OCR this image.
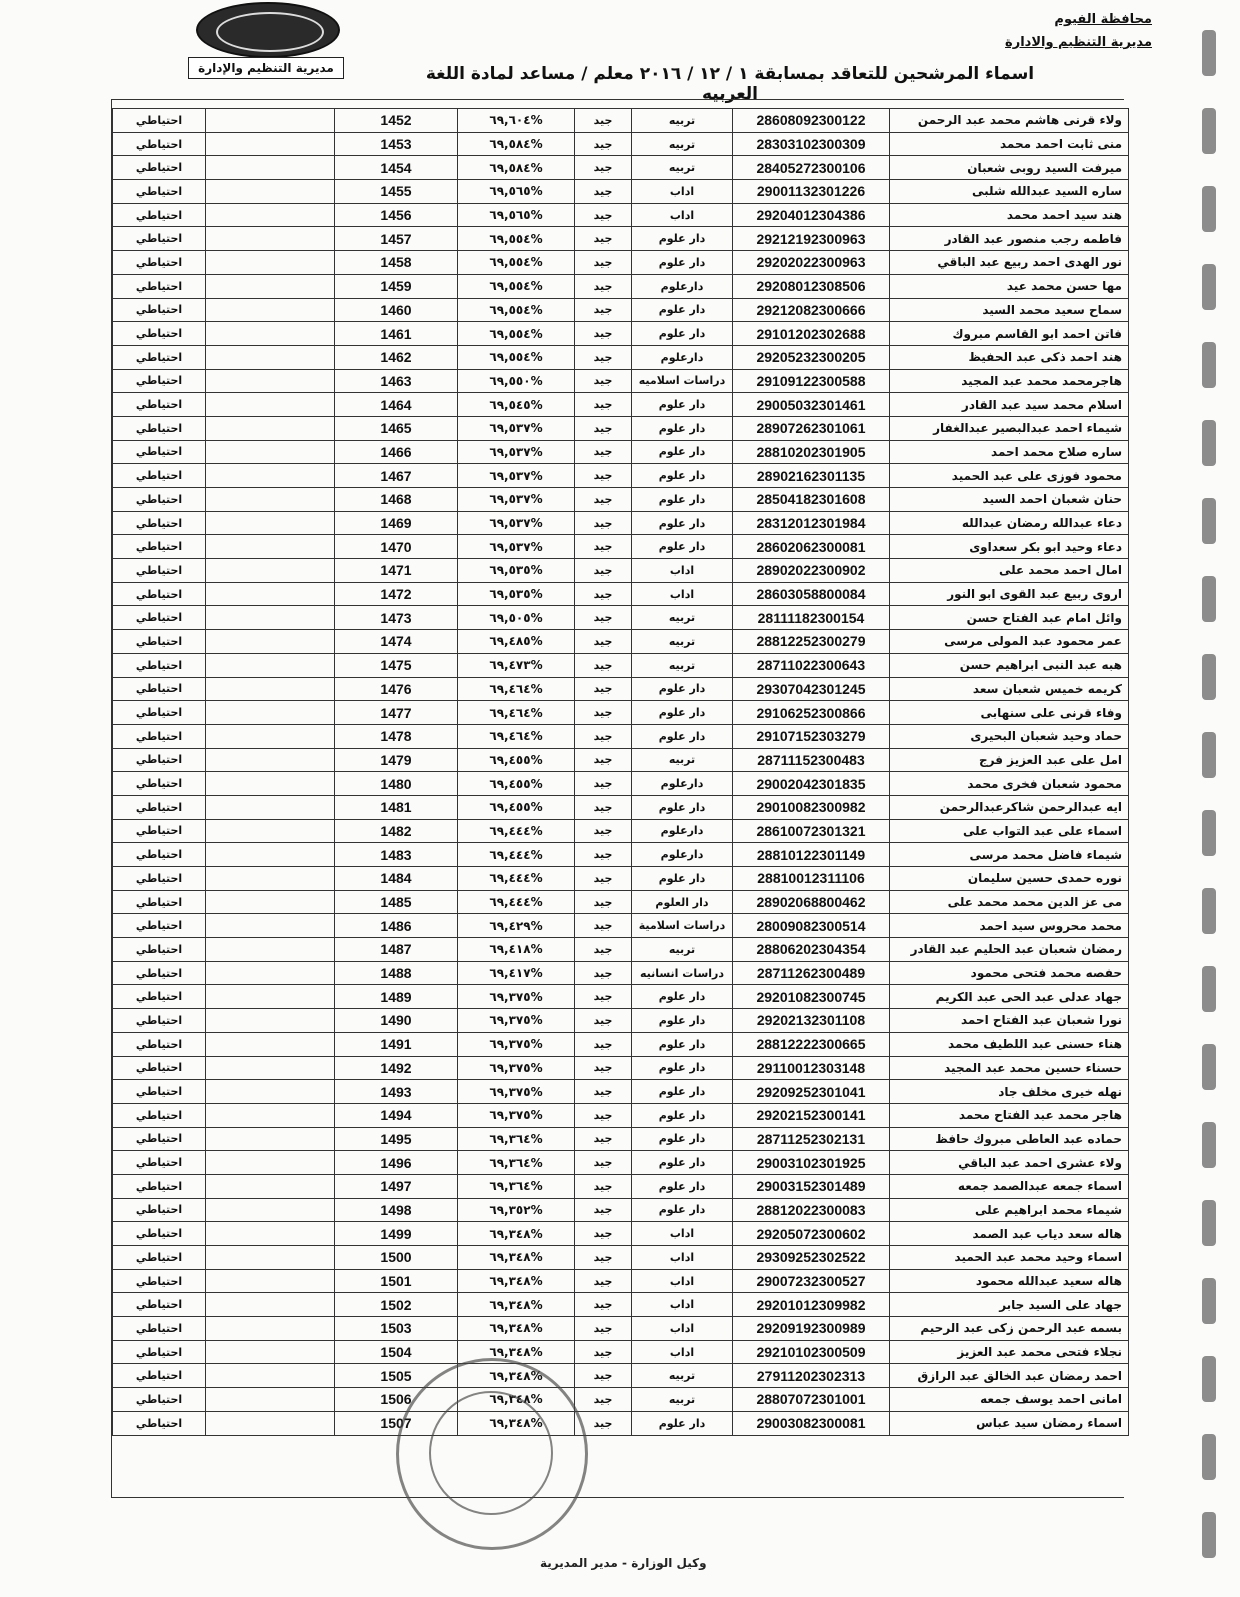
مديرية التنظيم والإدارة
محافظة الفيوم
مديرية التنظيم والادارة
اسماء المرشحين للتعاقد بمسابقة ١ / ١٢ / ٢٠١٦ معلم / مساعد لمادة اللغة العربيه
ولاء قرنى هاشم محمد عبد الرحمن	28608092300122	تربيه	جيد	%٦٩,٦٠٤	1452		احتياطي
منى ثابت احمد محمد	28303102300309	تربيه	جيد	%٦٩,٥٨٤	1453		احتياطي
ميرفت السيد روبى شعبان	28405272300106	تربيه	جيد	%٦٩,٥٨٤	1454		احتياطي
ساره السيد عبدالله شلبى	29001132301226	اداب	جيد	%٦٩,٥٦٥	1455		احتياطي
هند سيد احمد محمد	29204012304386	اداب	جيد	%٦٩,٥٦٥	1456		احتياطي
فاطمه رجب منصور عبد القادر	29212192300963	دار علوم	جيد	%٦٩,٥٥٤	1457		احتياطي
نور الهدى احمد ربيع عبد الباقي	29202022300963	دار علوم	جيد	%٦٩,٥٥٤	1458		احتياطي
مها حسن محمد عيد	29208012308506	دارعلوم	جيد	%٦٩,٥٥٤	1459		احتياطي
سماح سعيد محمد السيد	29212082300666	دار علوم	جيد	%٦٩,٥٥٤	1460		احتياطي
فاتن احمد ابو القاسم مبروك	29101202302688	دار علوم	جيد	%٦٩,٥٥٤	1461		احتياطي
هند احمد ذكى عبد الحفيظ	29205232300205	دارعلوم	جيد	%٦٩,٥٥٤	1462		احتياطي
هاجرمحمد محمد عبد المجيد	29109122300588	دراسات اسلاميه	جيد	%٦٩,٥٥٠	1463		احتياطي
اسلام محمد سيد عبد القادر	29005032301461	دار علوم	جيد	%٦٩,٥٤٥	1464		احتياطي
شيماء احمد عبدالبصير عبدالغفار	28907262301061	دار علوم	جيد	%٦٩,٥٣٧	1465		احتياطي
ساره صلاح محمد احمد	28810202301905	دار علوم	جيد	%٦٩,٥٣٧	1466		احتياطي
محمود فوزى على عبد الحميد	28902162301135	دار علوم	جيد	%٦٩,٥٣٧	1467		احتياطي
حنان شعبان احمد السيد	28504182301608	دار علوم	جيد	%٦٩,٥٣٧	1468		احتياطي
دعاء عبدالله رمضان عبدالله	28312012301984	دار علوم	جيد	%٦٩,٥٣٧	1469		احتياطي
دعاء وحيد ابو بكر سعداوى	28602062300081	دار علوم	جيد	%٦٩,٥٣٧	1470		احتياطي
امال احمد محمد على	28902022300902	اداب	جيد	%٦٩,٥٣٥	1471		احتياطي
اروى ربيع عبد القوى ابو النور	28603058800084	اداب	جيد	%٦٩,٥٣٥	1472		احتياطي
وائل امام عبد الفتاح حسن	28111182300154	تربيه	جيد	%٦٩,٥٠٥	1473		احتياطي
عمر محمود عبد المولى مرسى	28812252300279	تربيه	جيد	%٦٩,٤٨٥	1474		احتياطي
هبه عبد النبى ابراهيم حسن	28711022300643	تربيه	جيد	%٦٩,٤٧٣	1475		احتياطي
كريمه خميس شعبان سعد	29307042301245	دار علوم	جيد	%٦٩,٤٦٤	1476		احتياطي
وفاء قرنى على سنهابى	29106252300866	دار علوم	جيد	%٦٩,٤٦٤	1477		احتياطي
حماد وحيد شعبان البحيرى	29107152303279	دار علوم	جيد	%٦٩,٤٦٤	1478		احتياطي
امل على عبد العزيز فرج	28711152300483	تربيه	جيد	%٦٩,٤٥٥	1479		احتياطي
محمود شعبان فخرى محمد	29002042301835	دارعلوم	جيد	%٦٩,٤٥٥	1480		احتياطي
ايه عبدالرحمن شاكرعبدالرحمن	29010082300982	دار علوم	جيد	%٦٩,٤٥٥	1481		احتياطي
اسماء على عبد التواب على	28610072301321	دارعلوم	جيد	%٦٩,٤٤٤	1482		احتياطي
شيماء فاضل محمد مرسى	28810122301149	دارعلوم	جيد	%٦٩,٤٤٤	1483		احتياطي
نوره حمدى حسين سليمان	28810012311106	دار علوم	جيد	%٦٩,٤٤٤	1484		احتياطي
مى عز الدين محمد محمد على	28902068800462	دار العلوم	جيد	%٦٩,٤٤٤	1485		احتياطي
محمد محروس سيد احمد	28009082300514	دراسات اسلامية	جيد	%٦٩,٤٢٩	1486		احتياطي
رمضان شعبان عبد الحليم عبد القادر	28806202304354	تربيه	جيد	%٦٩,٤١٨	1487		احتياطي
حفصه محمد فتحى محمود	28711262300489	دراسات انسانيه	جيد	%٦٩,٤١٧	1488		احتياطي
جهاد عدلى عبد الحى عبد الكريم	29201082300745	دار علوم	جيد	%٦٩,٣٧٥	1489		احتياطي
نورا شعبان عبد الفتاح احمد	29202132301108	دار علوم	جيد	%٦٩,٣٧٥	1490		احتياطي
هناء حسنى عبد اللطيف محمد	28812222300665	دار علوم	جيد	%٦٩,٣٧٥	1491		احتياطي
حسناء حسين محمد عبد المجيد	29110012303148	دار علوم	جيد	%٦٩,٣٧٥	1492		احتياطي
نهله خيرى مخلف جاد	29209252301041	دار علوم	جيد	%٦٩,٣٧٥	1493		احتياطي
هاجر محمد عبد الفتاح محمد	29202152300141	دار علوم	جيد	%٦٩,٣٧٥	1494		احتياطي
حماده عبد العاطى مبروك حافظ	28711252302131	دار علوم	جيد	%٦٩,٣٦٤	1495		احتياطي
ولاء عشرى احمد عبد الباقي	29003102301925	دار علوم	جيد	%٦٩,٣٦٤	1496		احتياطي
اسماء جمعه عبدالصمد جمعه	29003152301489	دار علوم	جيد	%٦٩,٣٦٤	1497		احتياطي
شيماء محمد ابراهيم على	28812022300083	دار علوم	جيد	%٦٩,٣٥٢	1498		احتياطي
هاله سعد دياب عبد الصمد	29205072300602	اداب	جيد	%٦٩,٣٤٨	1499		احتياطي
اسماء وحيد محمد عبد الحميد	29309252302522	اداب	جيد	%٦٩,٣٤٨	1500		احتياطي
هاله سعيد عبدالله محمود	29007232300527	اداب	جيد	%٦٩,٣٤٨	1501		احتياطي
جهاد على السيد جابر	29201012309982	اداب	جيد	%٦٩,٣٤٨	1502		احتياطي
بسمه عبد الرحمن زكى عبد الرحيم	29209192300989	اداب	جيد	%٦٩,٣٤٨	1503		احتياطي
نجلاء فتحى محمد عبد العزيز	29210102300509	اداب	جيد	%٦٩,٣٤٨	1504		احتياطي
احمد رمضان عبد الخالق عبد الرازق	27911202302313	تربيه	جيد	%٦٩,٣٤٨	1505		احتياطي
امانى احمد يوسف جمعه	28807072301001	تربيه	جيد	%٦٩,٣٤٨	1506		احتياطي
اسماء رمضان سيد عباس	29003082300081	دار علوم	جيد	%٦٩,٣٤٨	1507		احتياطي
وكيل الوزارة - مدير المديرية
